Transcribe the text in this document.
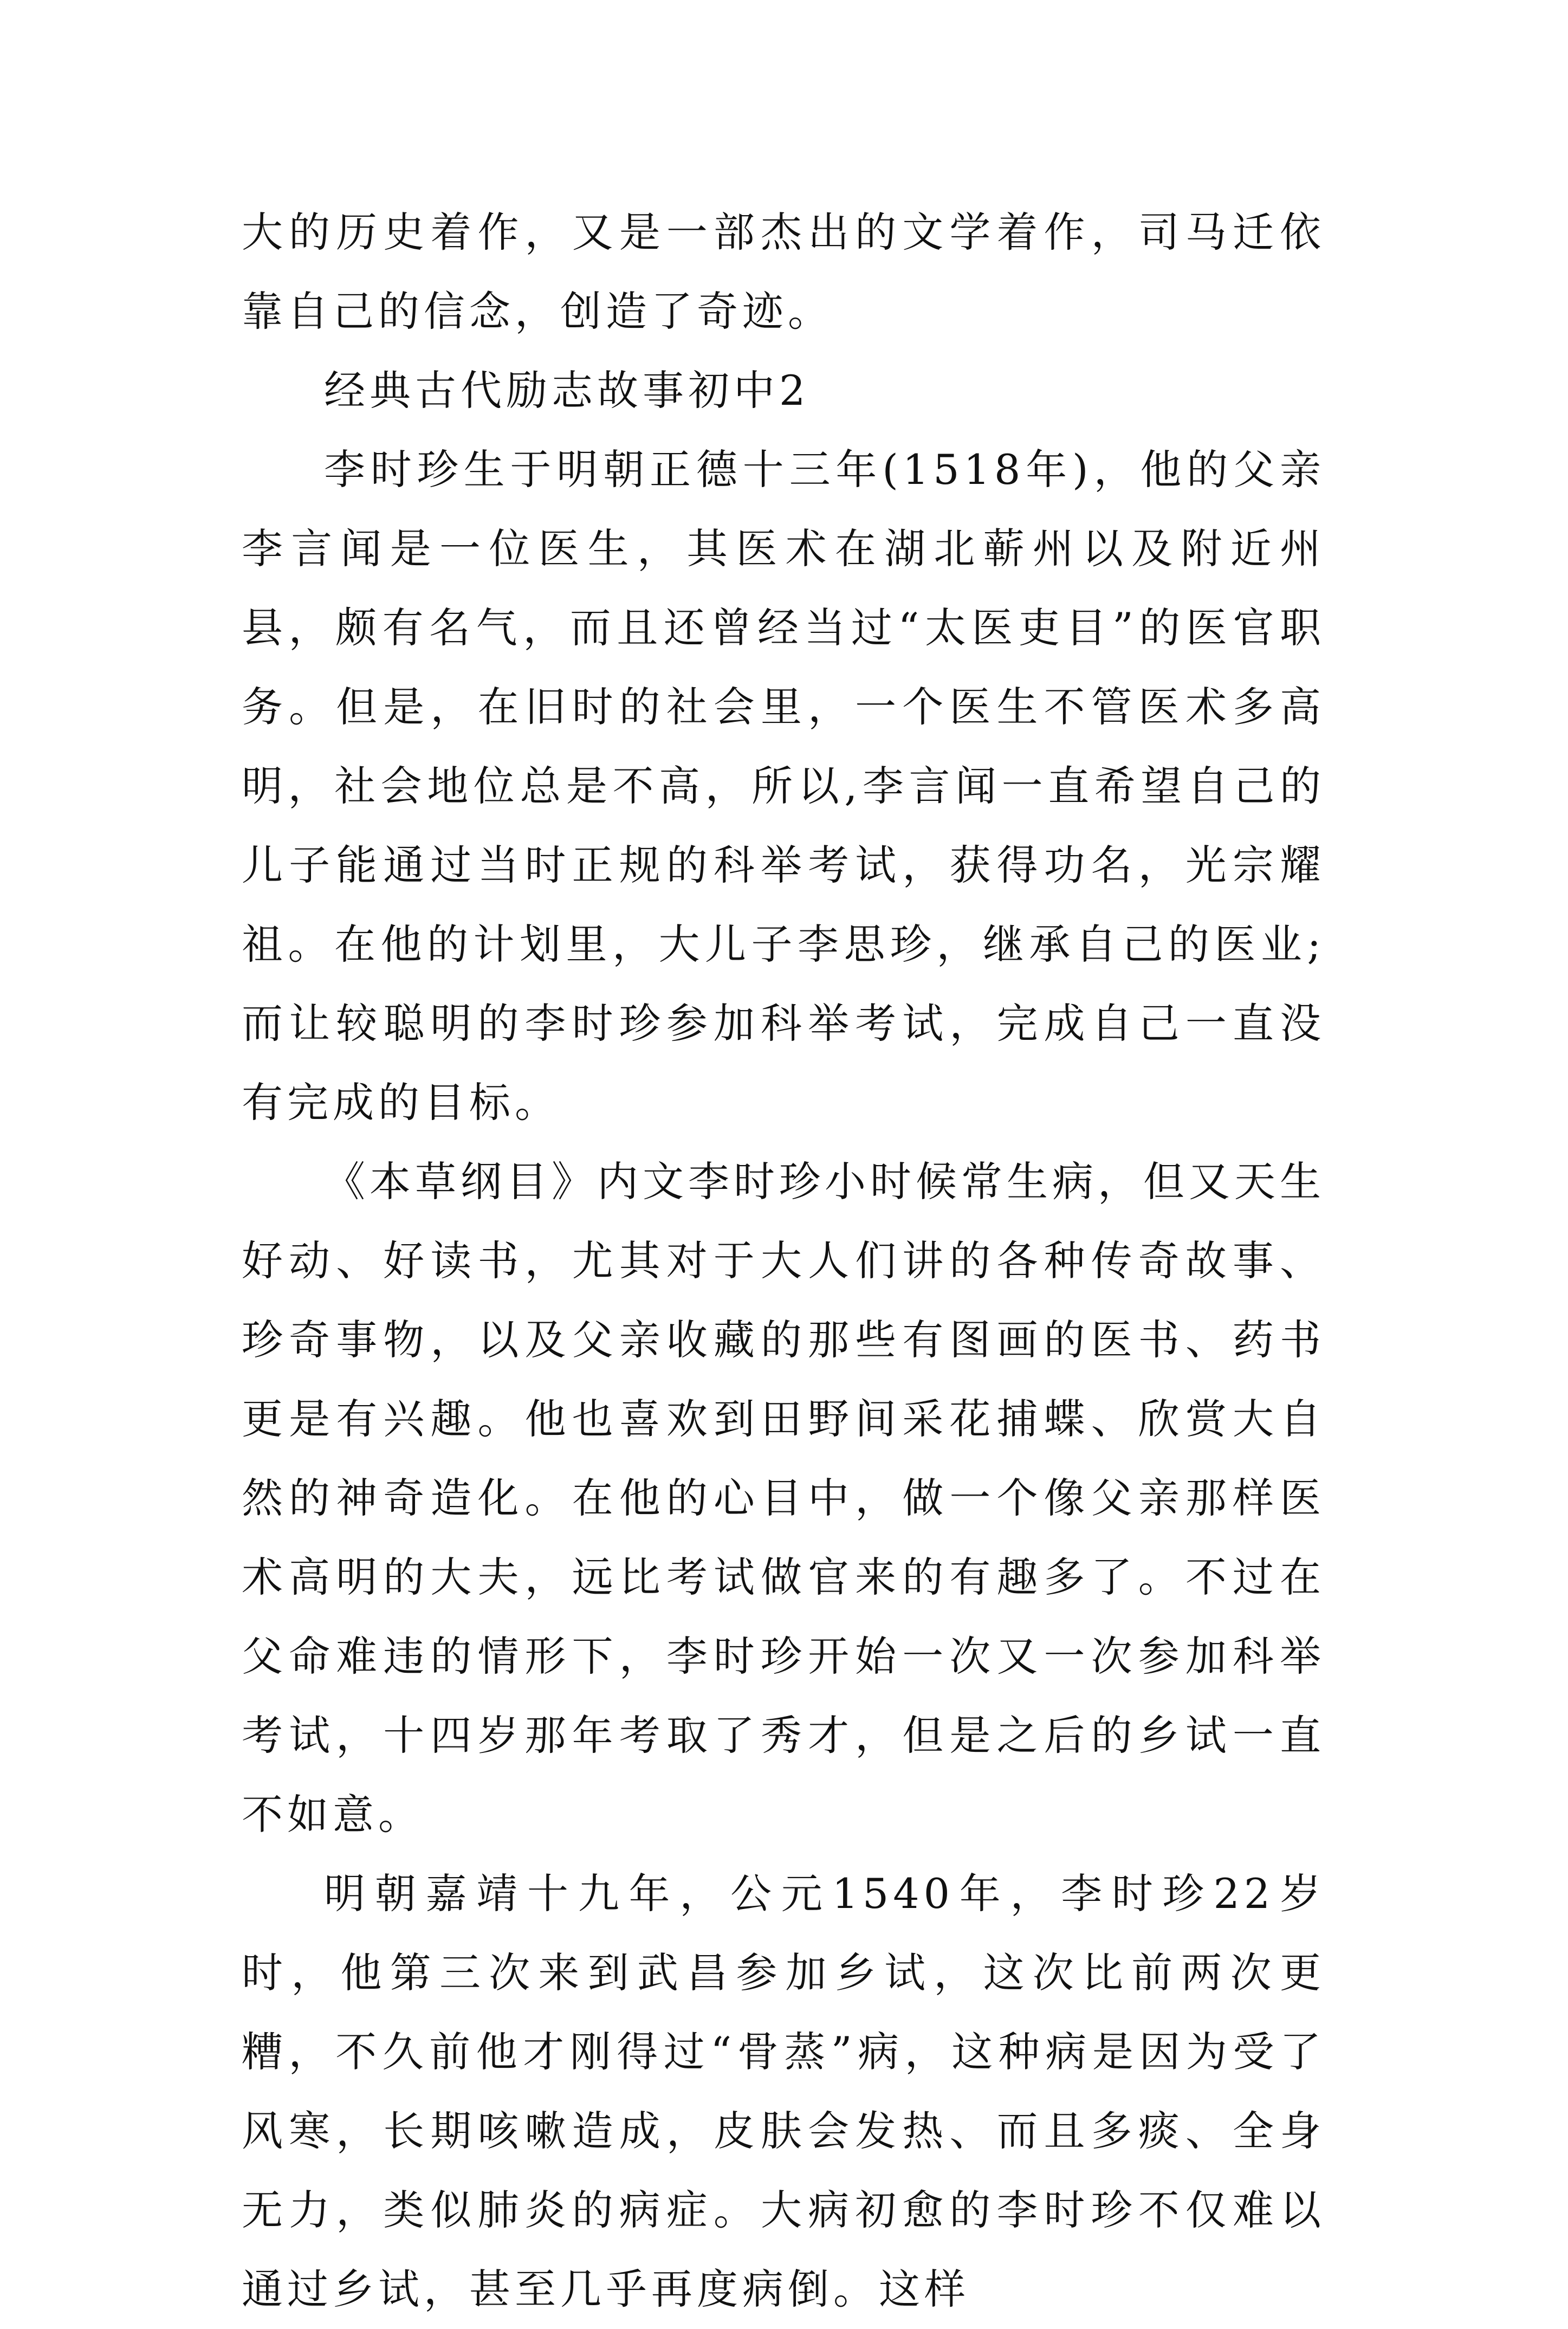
大的历史着作，又是一部杰出的文学着作，司马迁依靠自己的信念，创造了奇迹。

经典古代励志故事初中2

李时珍生于明朝正德十三年(1518年)，他的父亲李言闻是一位医生，其医术在湖北蕲州以及附近州县，颇有名气，而且还曾经当过“太医吏目”的医官职务。但是，在旧时的社会里，一个医生不管医术多高明，社会地位总是不高，所以,李言闻一直希望自己的儿子能通过当时正规的科举考试，获得功名，光宗耀祖。在他的计划里，大儿子李思珍，继承自己的医业;而让较聪明的李时珍参加科举考试，完成自己一直没有完成的目标。

《本草纲目》内文李时珍小时候常生病，但又天生好动、好读书，尤其对于大人们讲的各种传奇故事、珍奇事物，以及父亲收藏的那些有图画的医书、药书更是有兴趣。他也喜欢到田野间采花捕蝶、欣赏大自然的神奇造化。在他的心目中，做一个像父亲那样医术高明的大夫，远比考试做官来的有趣多了。不过在父命难违的情形下，李时珍开始一次又一次参加科举考试，十四岁那年考取了秀才，但是之后的乡试一直不如意。

明朝嘉靖十九年，公元1540年，李时珍22岁时，他第三次来到武昌参加乡试，这次比前两次更糟，不久前他才刚得过“骨蒸”病，这种病是因为受了风寒，长期咳嗽造成，皮肤会发热、而且多痰、全身无力，类似肺炎的病症。大病初愈的李时珍不仅难以通过乡试，甚至几乎再度病倒。这样
